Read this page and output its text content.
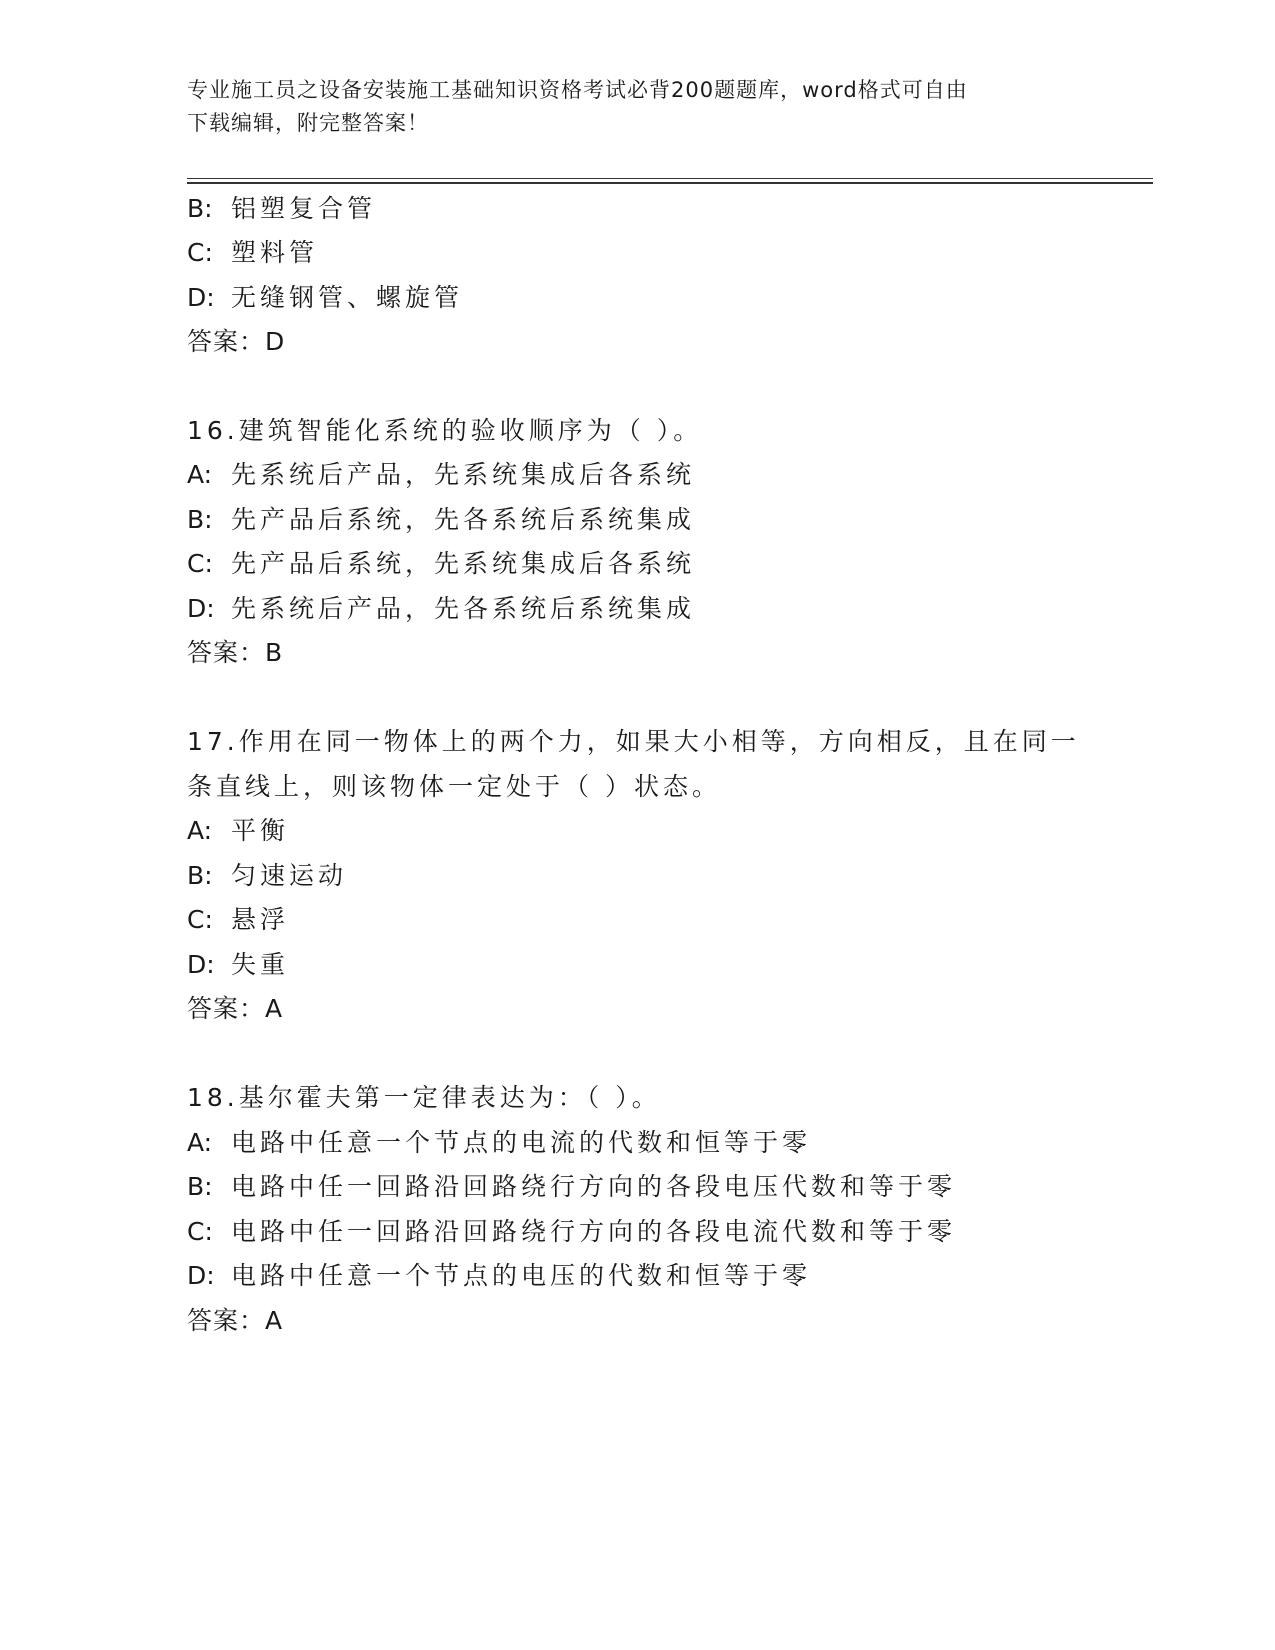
专业施工员之设备安装施工基础知识资格考试必背200题题库，word格式可自由
下载编辑，附完整答案！
B: 铝塑复合管
C: 塑料管
D: 无缝钢管、螺旋管
答案：D
16.建筑智能化系统的验收顺序为（ ）。
A: 先系统后产品，先系统集成后各系统
B: 先产品后系统，先各系统后系统集成
C: 先产品后系统，先系统集成后各系统
D: 先系统后产品，先各系统后系统集成
答案：B
17.作用在同一物体上的两个力，如果大小相等，方向相反，且在同一
条直线上，则该物体一定处于（ ）状态。
A: 平衡
B: 匀速运动
C: 悬浮
D: 失重
答案：A
18.基尔霍夫第一定律表达为：（ ）。
A: 电路中任意一个节点的电流的代数和恒等于零
B: 电路中任一回路沿回路绕行方向的各段电压代数和等于零
C: 电路中任一回路沿回路绕行方向的各段电流代数和等于零
D: 电路中任意一个节点的电压的代数和恒等于零
答案：A
